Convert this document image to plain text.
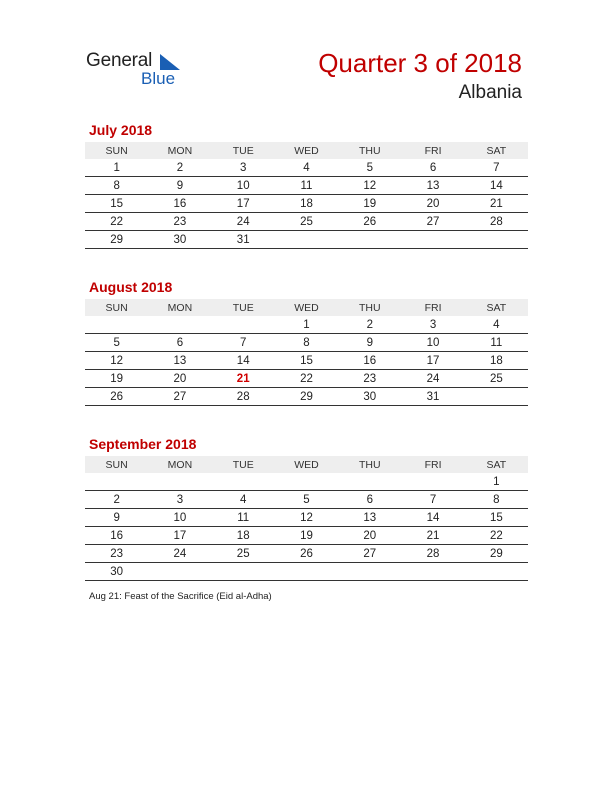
General
Blue
Quarter 3 of 2018
Albania
July 2018
SUN	MON	TUE	WED	THU	FRI	SAT
1	2	3	4	5	6	7
8	9	10	11	12	13	14
15	16	17	18	19	20	21
22	23	24	25	26	27	28
29	30	31				
August 2018
SUN	MON	TUE	WED	THU	FRI	SAT
			1	2	3	4
5	6	7	8	9	10	11
12	13	14	15	16	17	18
19	20	21	22	23	24	25
26	27	28	29	30	31	
September 2018
SUN	MON	TUE	WED	THU	FRI	SAT
						1
2	3	4	5	6	7	8
9	10	11	12	13	14	15
16	17	18	19	20	21	22
23	24	25	26	27	28	29
30						
Aug 21: Feast of the Sacrifice (Eid al-Adha)
